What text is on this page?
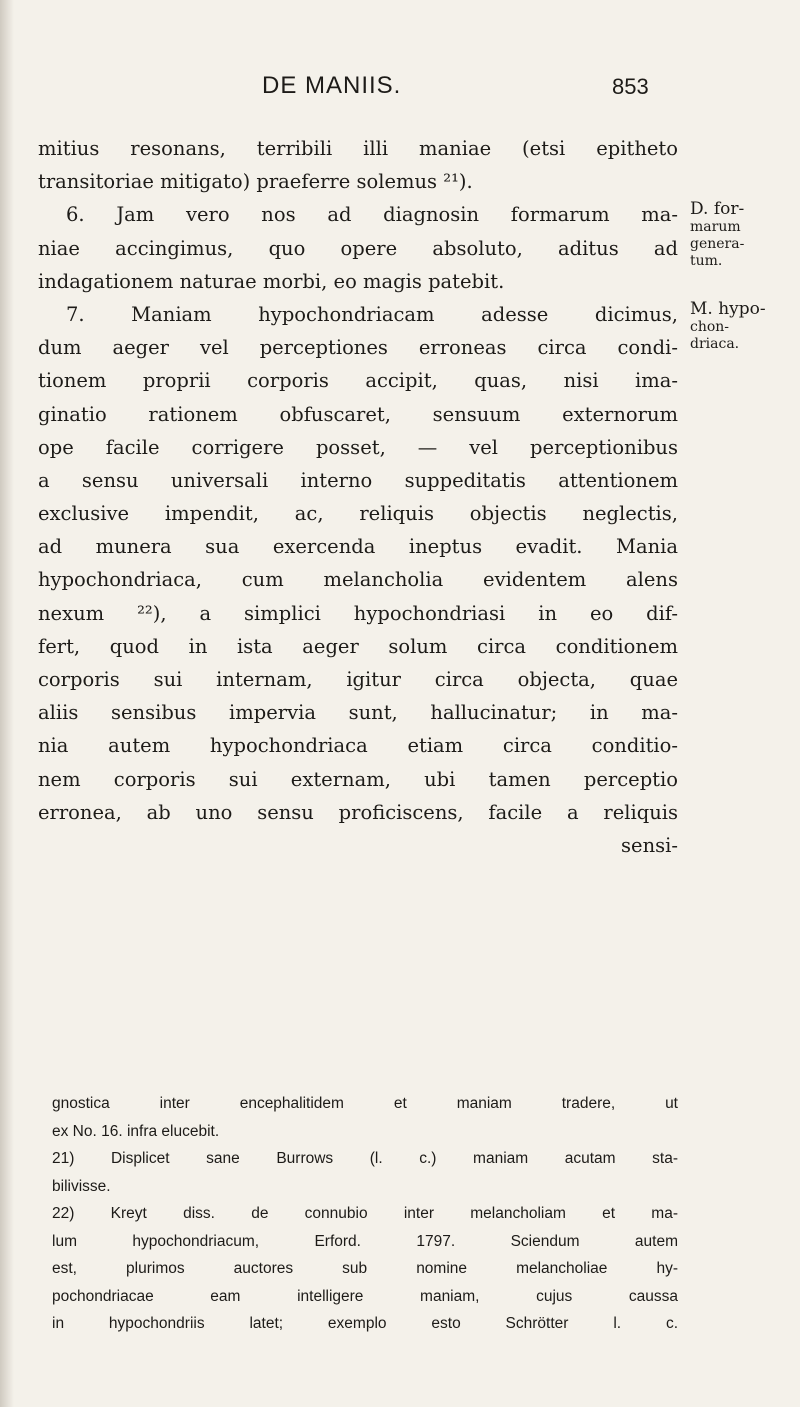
DE MANIIS.	853
mitius resonans, terribili illi maniae (etsi epitheto
transitoriae mitigato) praeferre solemus ²¹).
6. Jam vero nos ad diagnosin formarum ma-
niae accingimus, quo opere absoluto, aditus ad
indagationem naturae morbi, eo magis patebit.
7. Maniam hypochondriacam adesse dicimus,
dum aeger vel perceptiones erroneas circa condi-
tionem proprii corporis accipit, quas, nisi ima-
ginatio rationem obfuscaret, sensuum externorum
ope facile corrigere posset, — vel perceptionibus
a sensu universali interno suppeditatis attentionem
exclusive impendit, ac, reliquis objectis neglectis,
ad munera sua exercenda ineptus evadit. Mania
hypochondriaca, cum melancholia evidentem alens
nexum ²²), a simplici hypochondriasi in eo dif-
fert, quod in ista aeger solum circa conditionem
corporis sui internam, igitur circa objecta, quae
aliis sensibus impervia sunt, hallucinatur; in ma-
nia autem hypochondriaca etiam circa conditio-
nem corporis sui externam, ubi tamen perceptio
erronea, ab uno sensu proficiscens, facile a reliquis
sensi-
D. for-
marum
genera-
tum.
M. hypo-
chon-
driaca.
gnostica inter encephalitidem et maniam tradere, ut
ex No. 16. infra elucebit.
21) Displicet sane Burrows (l. c.) maniam acutam sta-
bilivisse.
22) Kreyt diss. de connubio inter melancholiam et ma-
lum hypochondriacum, Erford. 1797. Sciendum autem
est, plurimos auctores sub nomine melancholiae hy-
pochondriacae eam intelligere maniam, cujus caussa
in hypochondriis latet; exemplo esto Schrötter l. c.
